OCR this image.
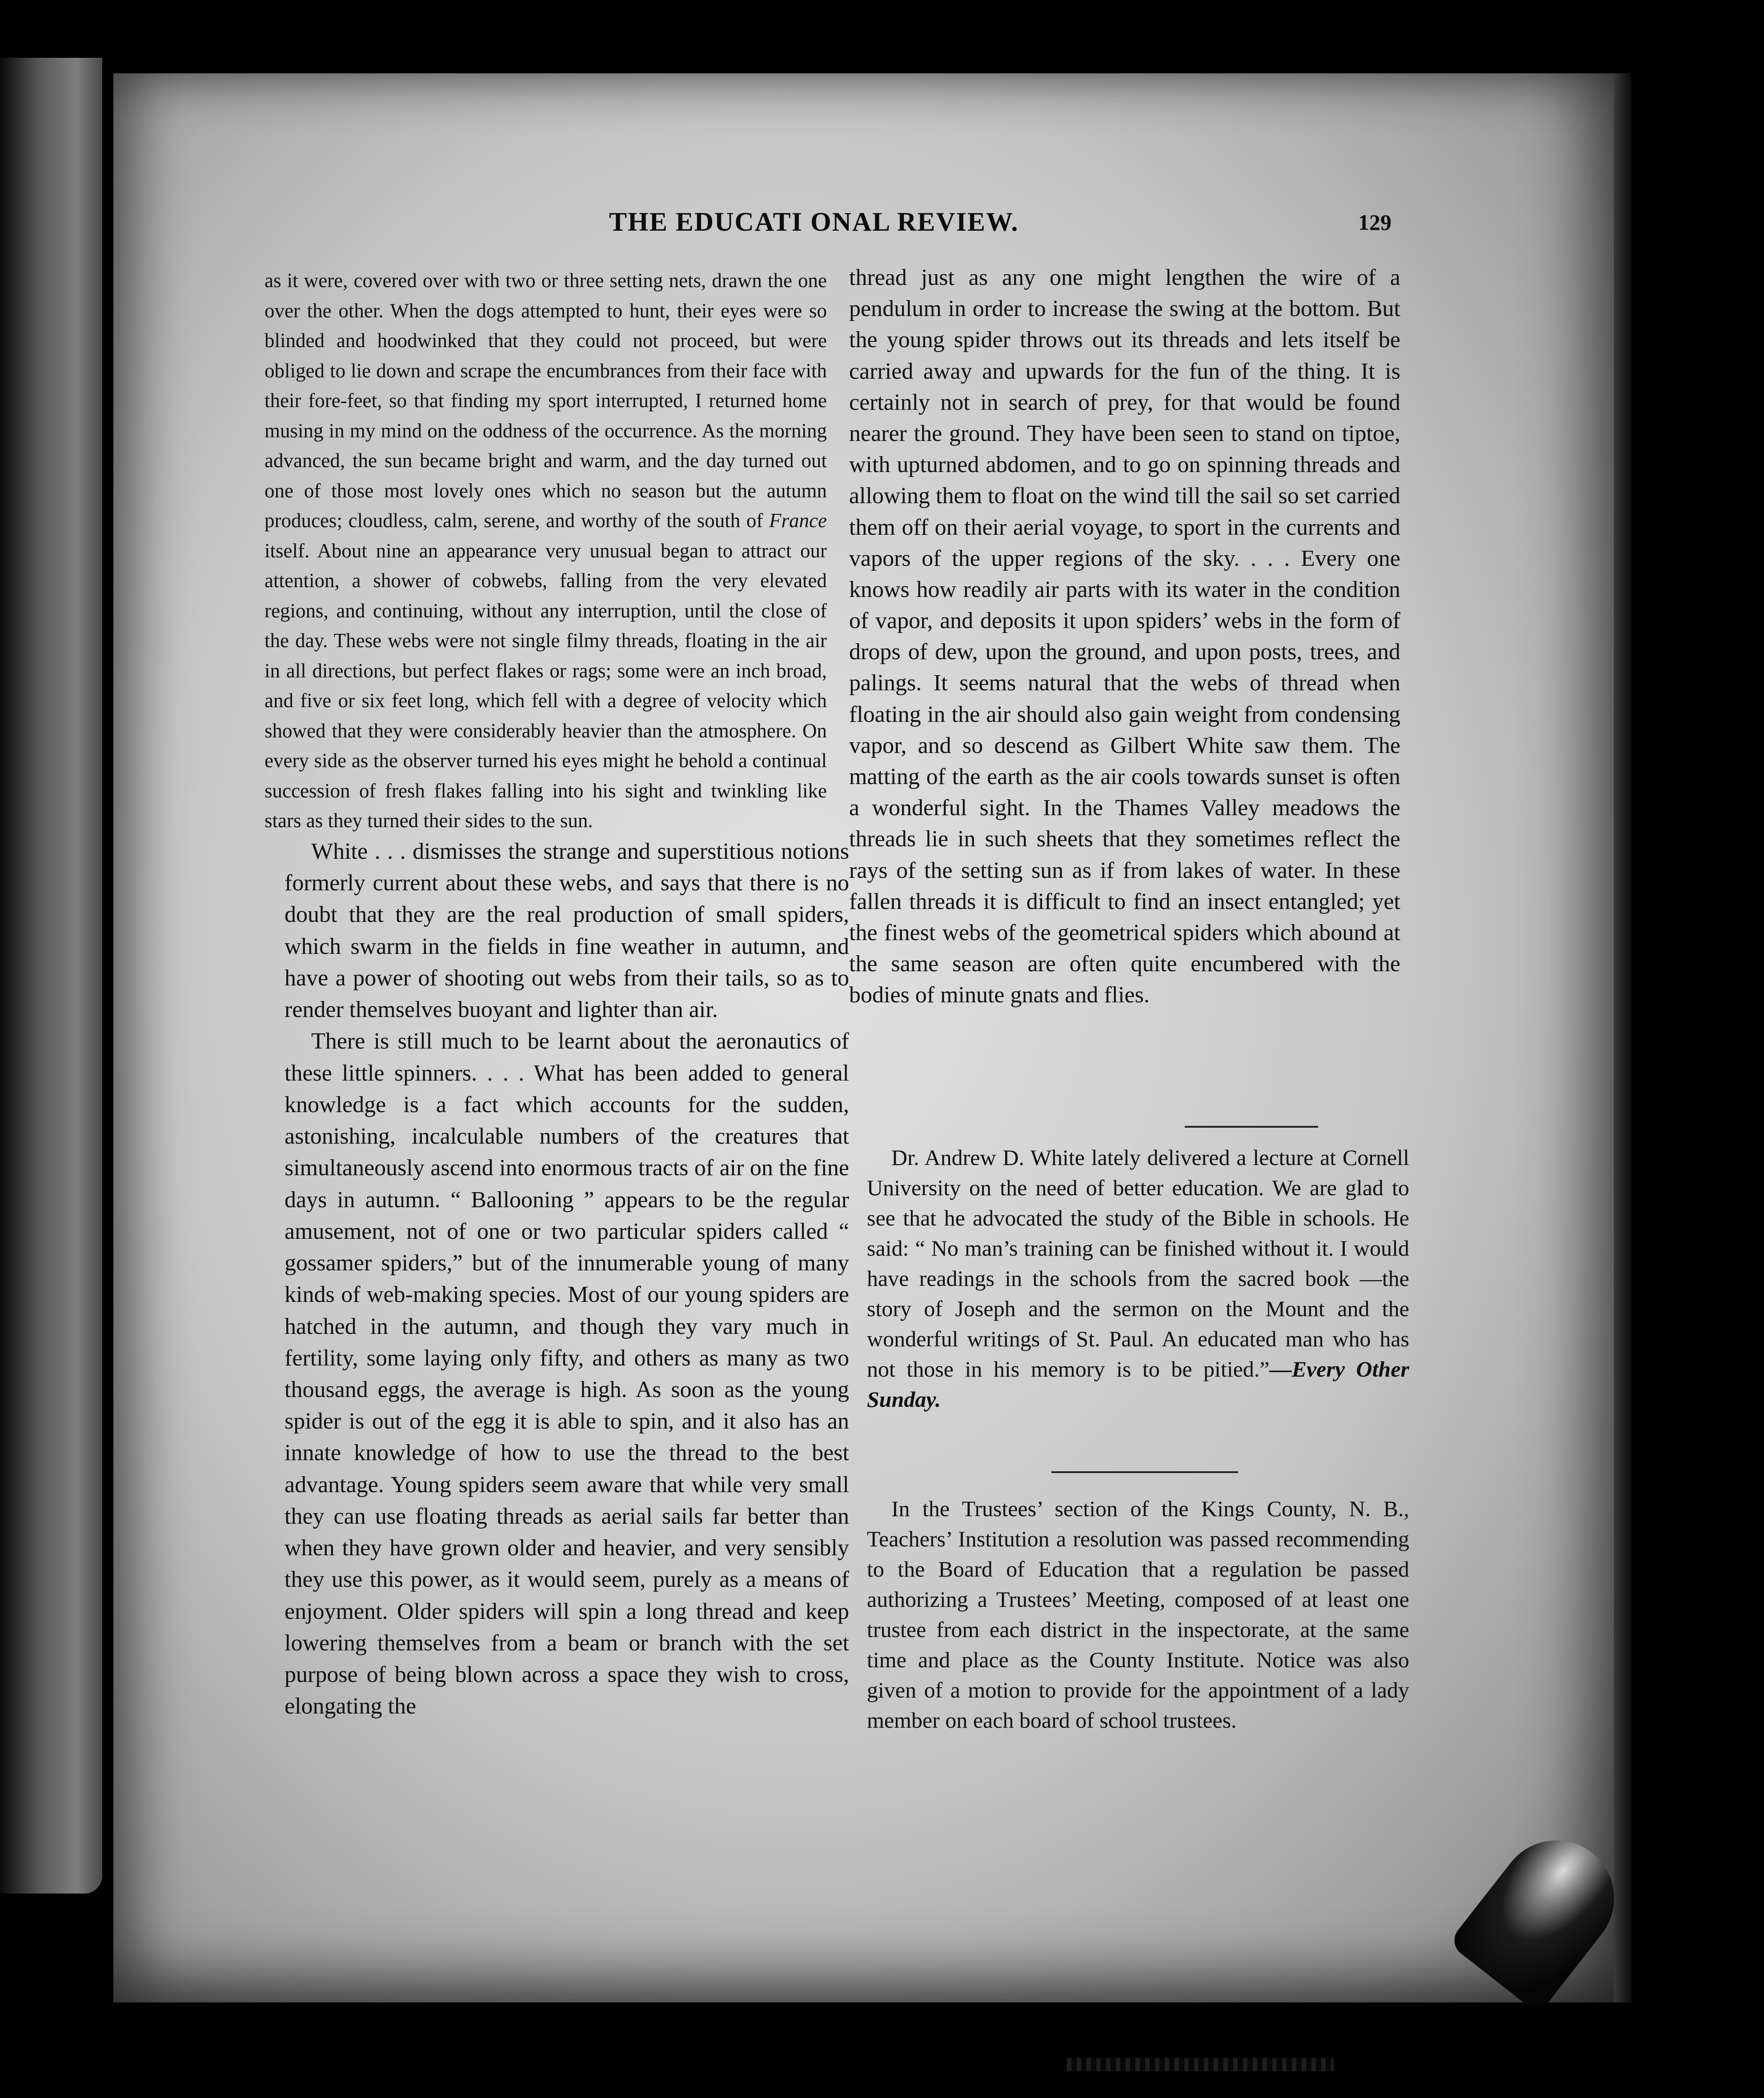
THE EDUCATI ONAL REVIEW.	129
as it were, covered over with two or three setting nets, drawn the one over the other. When the dogs attempted to hunt, their eyes were so blinded and hoodwinked that they could not proceed, but were obliged to lie down and scrape the encumbrances from their face with their fore-feet, so that finding my sport interrupted, I returned home musing in my mind on the oddness of the occurrence. As the morning advanced, the sun became bright and warm, and the day turned out one of those most lovely ones which no season but the autumn produces; cloudless, calm, serene, and worthy of the south of France itself. About nine an appearance very unusual began to attract our attention, a shower of cobwebs, falling from the very elevated regions, and continuing, without any interruption, until the close of the day. These webs were not single filmy threads, floating in the air in all directions, but perfect flakes or rags; some were an inch broad, and five or six feet long, which fell with a degree of velocity which showed that they were considerably heavier than the atmosphere. On every side as the observer turned his eyes might he behold a continual succession of fresh flakes falling into his sight and twinkling like stars as they turned their sides to the sun.

White . . . dismisses the strange and superstitious notions formerly current about these webs, and says that there is no doubt that they are the real production of small spiders, which swarm in the fields in fine weather in autumn, and have a power of shooting out webs from their tails, so as to render themselves buoyant and lighter than air.

There is still much to be learnt about the aeronautics of these little spinners. . . . What has been added to general knowledge is a fact which accounts for the sudden, astonishing, incalculable numbers of the creatures that simultaneously ascend into enormous tracts of air on the fine days in autumn. “ Ballooning ” appears to be the regular amusement, not of one or two particular spiders called “ gossamer spiders,” but of the innumerable young of many kinds of web-making species. Most of our young spiders are hatched in the autumn, and though they vary much in fertility, some laying only fifty, and others as many as two thousand eggs, the average is high. As soon as the young spider is out of the egg it is able to spin, and it also has an innate knowledge of how to use the thread to the best advantage. Young spiders seem aware that while very small they can use floating threads as aerial sails far better than when they have grown older and heavier, and very sensibly they use this power, as it would seem, purely as a means of enjoyment. Older spiders will spin a long thread and keep lowering themselves from a beam or branch with the set purpose of being blown across a space they wish to cross, elongating the

thread just as any one might lengthen the wire of a pendulum in order to increase the swing at the bottom. But the young spider throws out its threads and lets itself be carried away and upwards for the fun of the thing. It is certainly not in search of prey, for that would be found nearer the ground. They have been seen to stand on tiptoe, with upturned abdomen, and to go on spinning threads and allowing them to float on the wind till the sail so set carried them off on their aerial voyage, to sport in the currents and vapors of the upper regions of the sky. . . . Every one knows how readily air parts with its water in the condition of vapor, and deposits it upon spiders’ webs in the form of drops of dew, upon the ground, and upon posts, trees, and palings. It seems natural that the webs of thread when floating in the air should also gain weight from condensing vapor, and so descend as Gilbert White saw them. The matting of the earth as the air cools towards sunset is often a wonderful sight. In the Thames Valley meadows the threads lie in such sheets that they sometimes reflect the rays of the setting sun as if from lakes of water. In these fallen threads it is difficult to find an insect entangled; yet the finest webs of the geometrical spiders which abound at the same season are often quite encumbered with the bodies of minute gnats and flies.

Dr. Andrew D. White lately delivered a lecture at Cornell University on the need of better education. We are glad to see that he advocated the study of the Bible in schools. He said: “ No man’s training can be finished without it. I would have readings in the schools from the sacred book —the story of Joseph and the sermon on the Mount and the wonderful writings of St. Paul. An educated man who has not those in his memory is to be pitied.”—Every Other Sunday.

In the Trustees’ section of the Kings County, N. B., Teachers’ Institution a resolution was passed recommending to the Board of Education that a regulation be passed authorizing a Trustees’ Meeting, composed of at least one trustee from each district in the inspectorate, at the same time and place as the County Institute. Notice was also given of a motion to provide for the appointment of a lady member on each board of school trustees.
